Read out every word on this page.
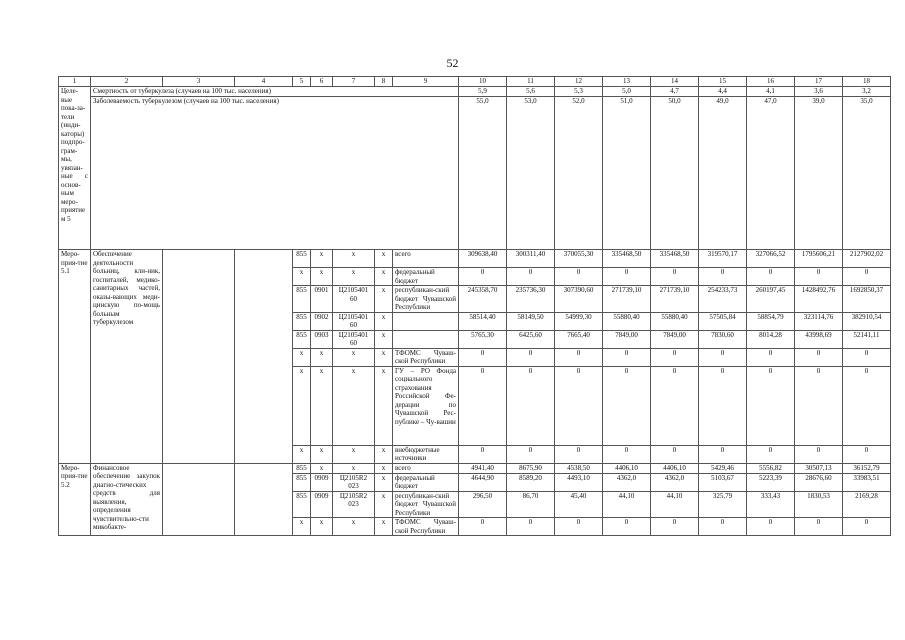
52
1	2	3	4	5	6	7	8	9	10	11	12	13	14	15	16	17	18
Целе-вые пока-за-тели (инди-каторы) подпро-грам-мы, увязан-ные с основ-ным меро-приятием 5	Смертность от туберкулеза (случаев на 100 тыс. населения)								5,9	5,6	5,3	5,0	4,7	4,4	4,1	3,6	3,2
	Заболеваемость туберкулезом (случаев на 100 тыс. населения)								55,0	53,0	52,0	51,0	50,0	49,0	47,0	39,0	35,0
Меро-прия-тие 5.1	Обеспечение деятельности больниц, кли-ник, госпиталей, медико-санитарных частей, оказы-вающих меди-цинскую по-мощь больным туберкулезом			855	х	х	х	всего	309638,40	300311,40	370055,30	335468,50	335468,50	319570,17	327066,52	1795606,21	2127902,02
				х	х	х	х	федеральный бюджет	0	0	0	0	0	0	0	0	0
				855	0901	Ц2105401 60	х	республикан-ский бюджет Чувашской Республики	245358,70	235736,30	307390,60	271739,10	271739,10	254233,73	260197,45	1428492,76	1692850,37
				855	0902	Ц2105401 60	х		58514,40	58149,50	54999,30	55880,40	55880,40	57505,84	58854,79	323114,76	382910,54
				855	0903	Ц2105401 60	х		5765,30	6425,60	7665,40	7849,00	7849,00	7830,60	8014,28	43998,69	52141,11
				х	х	х	х	ТФОМС Чуваш-ской Республики	0	0	0	0	0	0	0	0	0
				х	х	х	х	ГУ – РО Фонда социального страхования Российской Фе-дерации по Чувашской Рес-публике – Чу-вашии	0	0	0	0	0	0	0	0	0
				х	х	х	х	внебюджетные источники	0	0	0	0	0	0	0	0	0
Меро-прия-тие 5.2	Финансовое обеспечение закупок диагно-стических средств для выявления, определения чувствительно-сти микобакте-			855	х	х	х	всего	4941,40	8675,90	4538,50	4406,10	4406,10	5429,46	5556,82	30507,13	36152,79
				855	0909	Ц2105R2 023	х	федеральный бюджет	4644,90	8589,20	4493,10	4362,0	4362,0	5103,67	5223,39	28676,60	33983,51
				855	0909	Ц2105R2 023	х	республикан-ский бюджет Чувашской Республики	296,50	86,70	45,40	44,10	44,10	325,79	333,43	1830,53	2169,28
				х	х	х	х	ТФОМС Чуваш-ской Республики	0	0	0	0	0	0	0	0	0
